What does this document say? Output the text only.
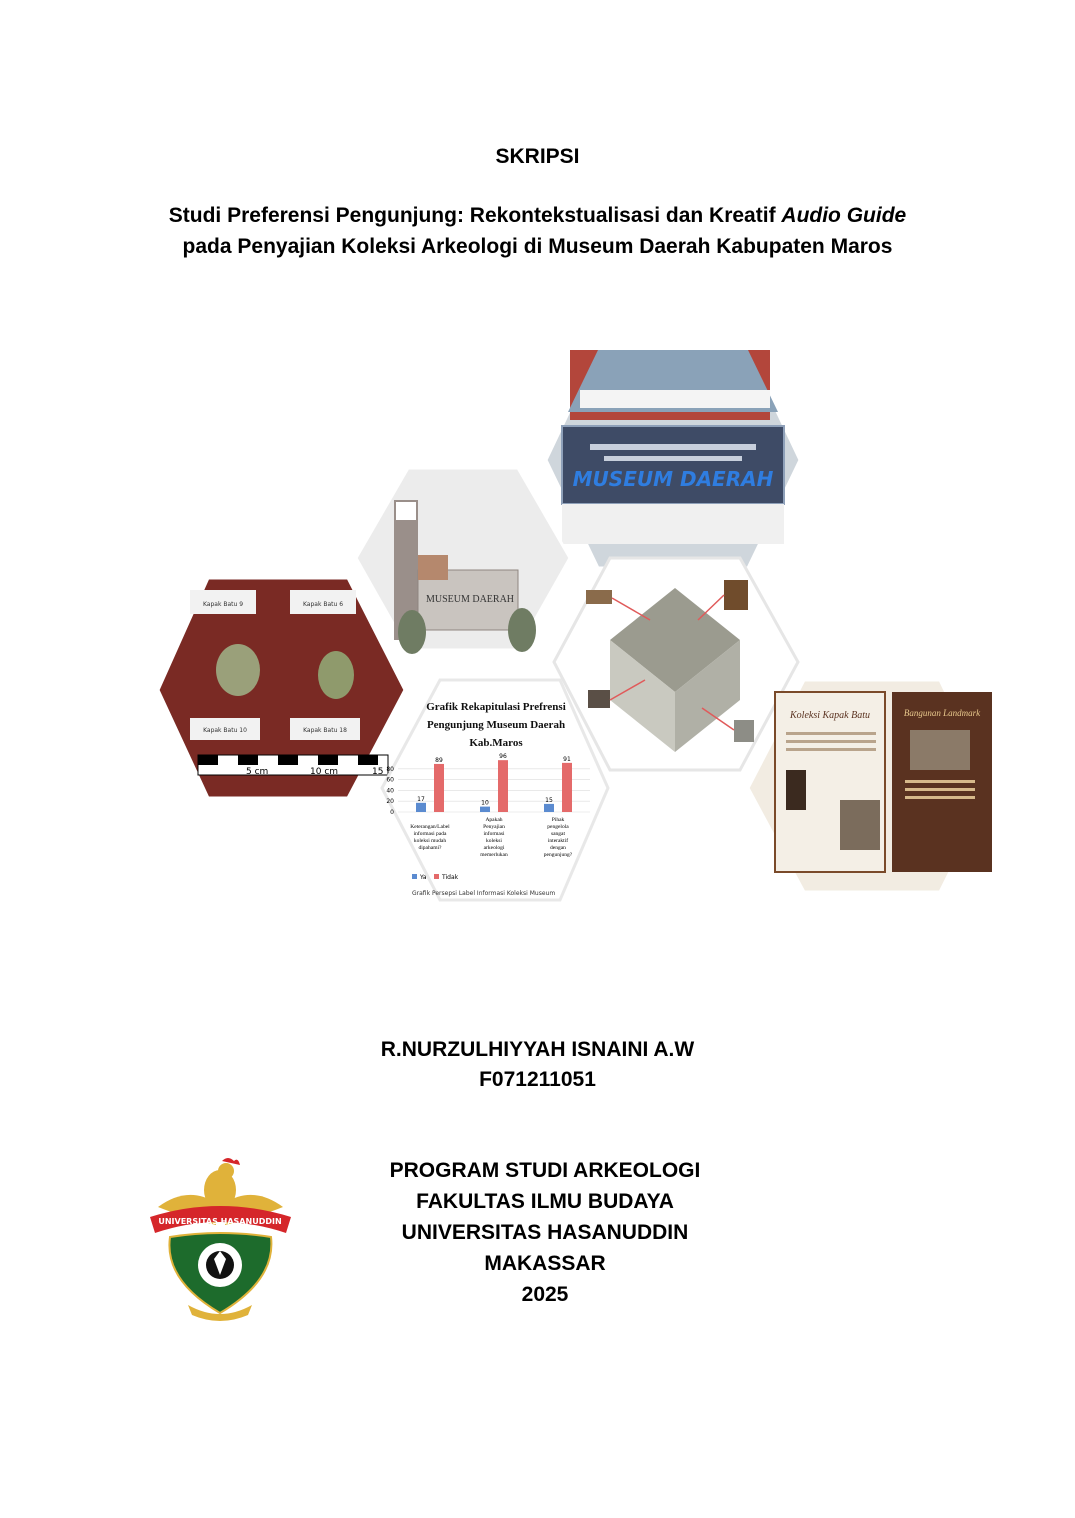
SKRIPSI
Studi Preferensi Pengunjung: Rekontekstualisasi dan Kreatif Audio Guide
pada Penyajian Koleksi Arkeologi di Museum Daerah Kabupaten Maros
MUSEUM DAERAH
MUSEUM DAERAH
Kapak Batu 9	Kapak Batu 6
Kapak Batu 10	Kapak Batu 18
5 cm	10 cm	15
Grafik Rekapitulasi Prefrensi
Pengunjung Museum Daerah
Kab.Maros
0
20
40
60
80
17
89
10
96
15
91
Keterangan/Label informasi pada koleksi mudah dipahami?
Apakah Penyajian informasi koleksi arkeologi memerlukan
Pihak pengelola sangat interaktif dengan pengunjung?
Ya	Tidak
Grafik Persepsi Label Informasi Koleksi Museum
Koleksi Kapak Batu	Bangunan Landmark
R.NURZULHIYYAH ISNAINI A.W
F071211051
UNIVERSITAS HASANUDDIN
PROGRAM STUDI ARKEOLOGI
FAKULTAS ILMU BUDAYA
UNIVERSITAS HASANUDDIN
MAKASSAR
2025
